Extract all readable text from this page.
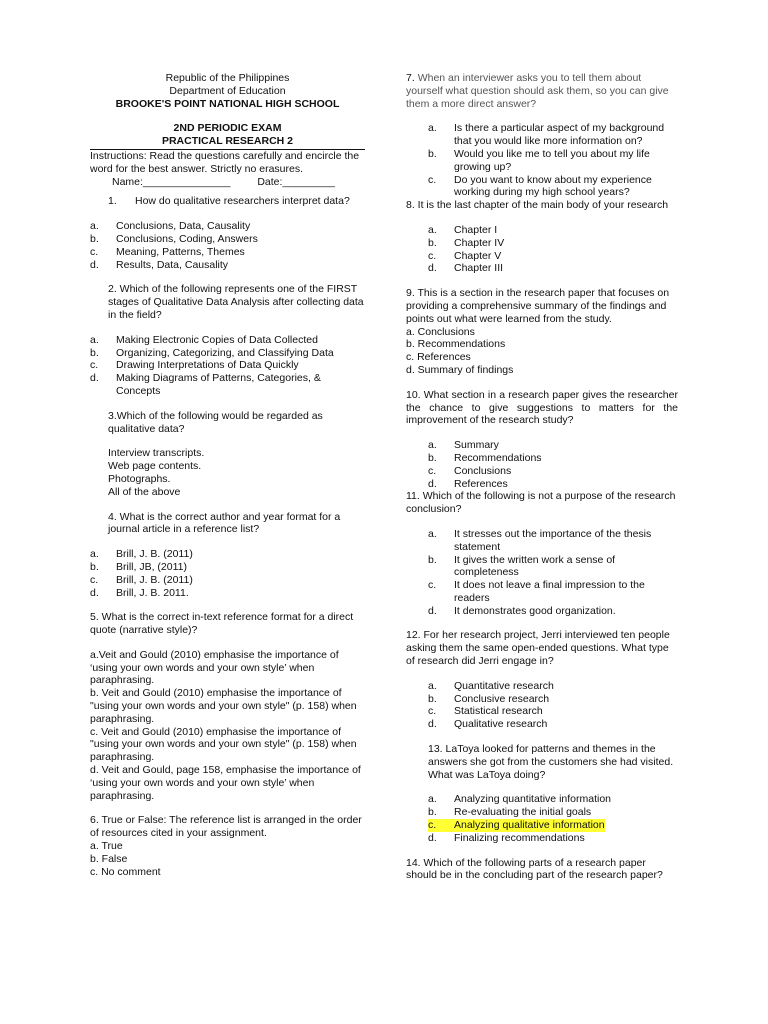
Republic of the Philippines

Department of Education

BROOKE'S POINT NATIONAL HIGH SCHOOL

2ND PERIODIC EXAM

PRACTICAL RESEARCH 2

Instructions: Read the questions carefully and encircle the word for the best answer. Strictly no erasures.

Name:_______________	Date:_________
1.	How do qualitative researchers interpret data?
a.	Conclusions, Data, Causality
b.	Conclusions, Coding, Answers
c.	Meaning, Patterns, Themes
d.	Results, Data, Causality

2. Which of the following represents one of the FIRST stages of Qualitative Data Analysis after collecting data in the field?

a.	Making Electronic Copies of Data Collected
b.	Organizing, Categorizing, and Classifying Data
c.	Drawing Interpretations of Data Quickly
d.	Making Diagrams of Patterns, Categories, & Concepts

3.Which of the following would be regarded as qualitative data?

Interview transcripts.

Web page contents.

Photographs.

All of the above

4. What is the correct author and year format for a journal article in a reference list?

a.	Brill, J. B. (2011)
b.	Brill, JB, (2011)
c.	Brill, J. B. (2011)
d.	Brill, J. B. 2011.

5. What is the correct in-text reference format for a direct quote (narrative style)?

a.Veit and Gould (2010) emphasise the importance of ‘using your own words and your own style’ when paraphrasing.

b. Veit and Gould (2010) emphasise the importance of "using your own words and your own style" (p. 158) when paraphrasing.

c. Veit and Gould (2010) emphasise the importance of "using your own words and your own style" (p. 158) when paraphrasing.

d. Veit and Gould, page 158, emphasise the importance of ‘using your own words and your own style’ when paraphrasing.

6. True or False: The reference list is arranged in the order of resources cited in your assignment.

a. True

b. False

c. No comment

7. When an interviewer asks you to tell them about yourself what question should ask them, so you can give them a more direct answer?

a.	Is there a particular aspect of my background that you would like more information on?
b.	Would you like me to tell you about my life growing up?
c.	Do you want to know about my experience working during my high school years?

8. It is the last chapter of the main body of your research

a.	Chapter I
b.	Chapter IV
c.	Chapter V
d.	Chapter III

9. This is a section in the research paper that focuses on providing a comprehensive summary of the findings and points out what were learned from the study.

a. Conclusions

b. Recommendations

c. References

d. Summary of findings

10. What section in a research paper gives the researcher the chance to give suggestions to matters for the improvement of the research study?

a.	Summary
b.	Recommendations
c.	Conclusions
d.	References

11. Which of the following is not a purpose of the research conclusion?

a.	It stresses out the importance of the thesis statement
b.	It gives the written work a sense of completeness
c.	It does not leave a final impression to the readers
d.	It demonstrates good organization.

12. For her research project, Jerri interviewed ten people asking them the same open-ended questions. What type of research did Jerri engage in?

a.	Quantitative research
b.	Conclusive research
c.	Statistical research
d.	Qualitative research

13. LaToya looked for patterns and themes in the answers she got from the customers she had visited. What was LaToya doing?

a.	Analyzing quantitative information
b.	Re-evaluating the initial goals
c.	Analyzing qualitative information
d.	Finalizing recommendations

14. Which of the following parts of a research paper should be in the concluding part of the research paper?
